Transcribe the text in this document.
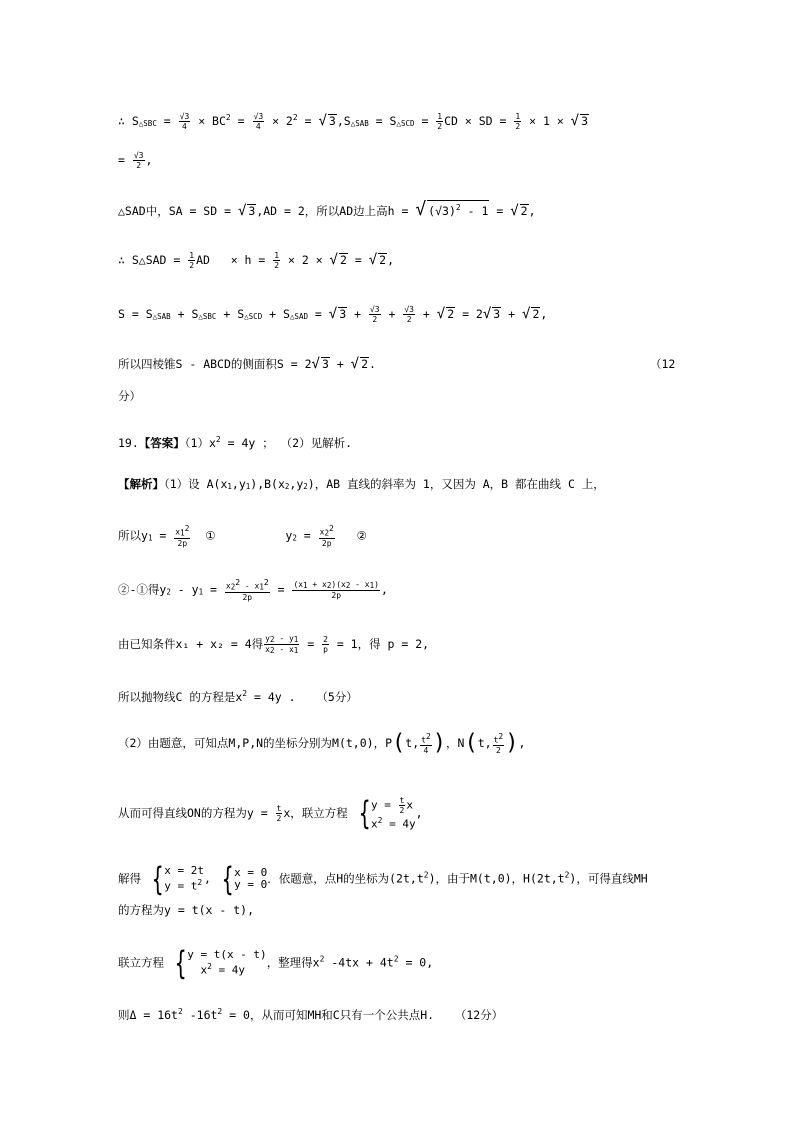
∴ $S_{\triangle SBC} = \frac{√3}{4} \times BC^2 = \frac{√3}{4} \times 2^2$ = √ $3,S_{\triangle SAB} = S_{\triangle SCD} = \frac{1}{2}$ CD × SD = $\frac{1}{2} \times 1$ × √ 3
= $\frac{√3}{2}$ ,
△SAD中，SA = SD = √ 3,AD = 2，所以AD边上高h = √ $(√3)^2 - 1$ = √ 2,
∴ S△SAD = $\frac{1}{2}$ AD   × $h = \frac{1}{2} \times 2$ × √ 2 = √ 2,
$S = S_{\triangle SAB} + S_{\triangle SBC} + S_{\triangle SCD} + S_{\triangle SAD}$ = √ $3 + \frac{√3}{2} + \frac{√3}{2}$ + √ 2 = 2√ 3 + √ 2,
所以四棱锥S - ABCD的侧面积S = 2√ 3 + √ 2.	（12
分）
19.【答案】$(1)x^2 = 4y$ ； （2）见解析.
【解析】（1）设 $A(x_1,y_1),B(x_2,y_2)$，AB 直线的斜率为 1，又因为 A，B 都在曲线 C 上，
所以$y_1 = \frac{x_1^2}{2p}$ ①	$y_2 = \frac{x_2^2}{2p}$ ②
②-①得$y_2 - y_1 = \frac{x_2^2 - x_1^2}{2p} = \frac{(x_1 + x_2)(x_2 - x_1)}{2p}$ ,
由已知条件x₁ + x₂ = 4得 $\frac{y_2 - y_1}{x_2 - x_1} = \frac{2}{p} = 1$，得 p = 2,
所以抛物线C 的方程是$x^2 = 4y$ .   （5分）
（2）由题意，可知点M,P,N的坐标分别为M(t,0)，P(t, $\frac{t^2}{4}$ )，N(t, $\frac{t^2}{2}$ ),
从而可得直线ON的方程为$y = \frac{t}{2}$ x，联立方程 { $y = \frac{t}{2}$ x
$x^2 = 4y$
,
解得 { x = 2t
$y = t^2$ , { x = 0
y = 0 ．依题意，点H的坐标为$(2t,t^2)$，由于M(t,0)，$H(2t,t^2)$，可得直线MH
的方程为y = t(x - t),
联立方程 { y = t(x - t)
$x^2 = 4y$
，整理得$x^2$ $-4tx + 4t^2 = 0$,
则$\Delta = 16t^2$ $-16t^2 = 0$，从而可知MH和C只有一个公共点H.   （12分）
